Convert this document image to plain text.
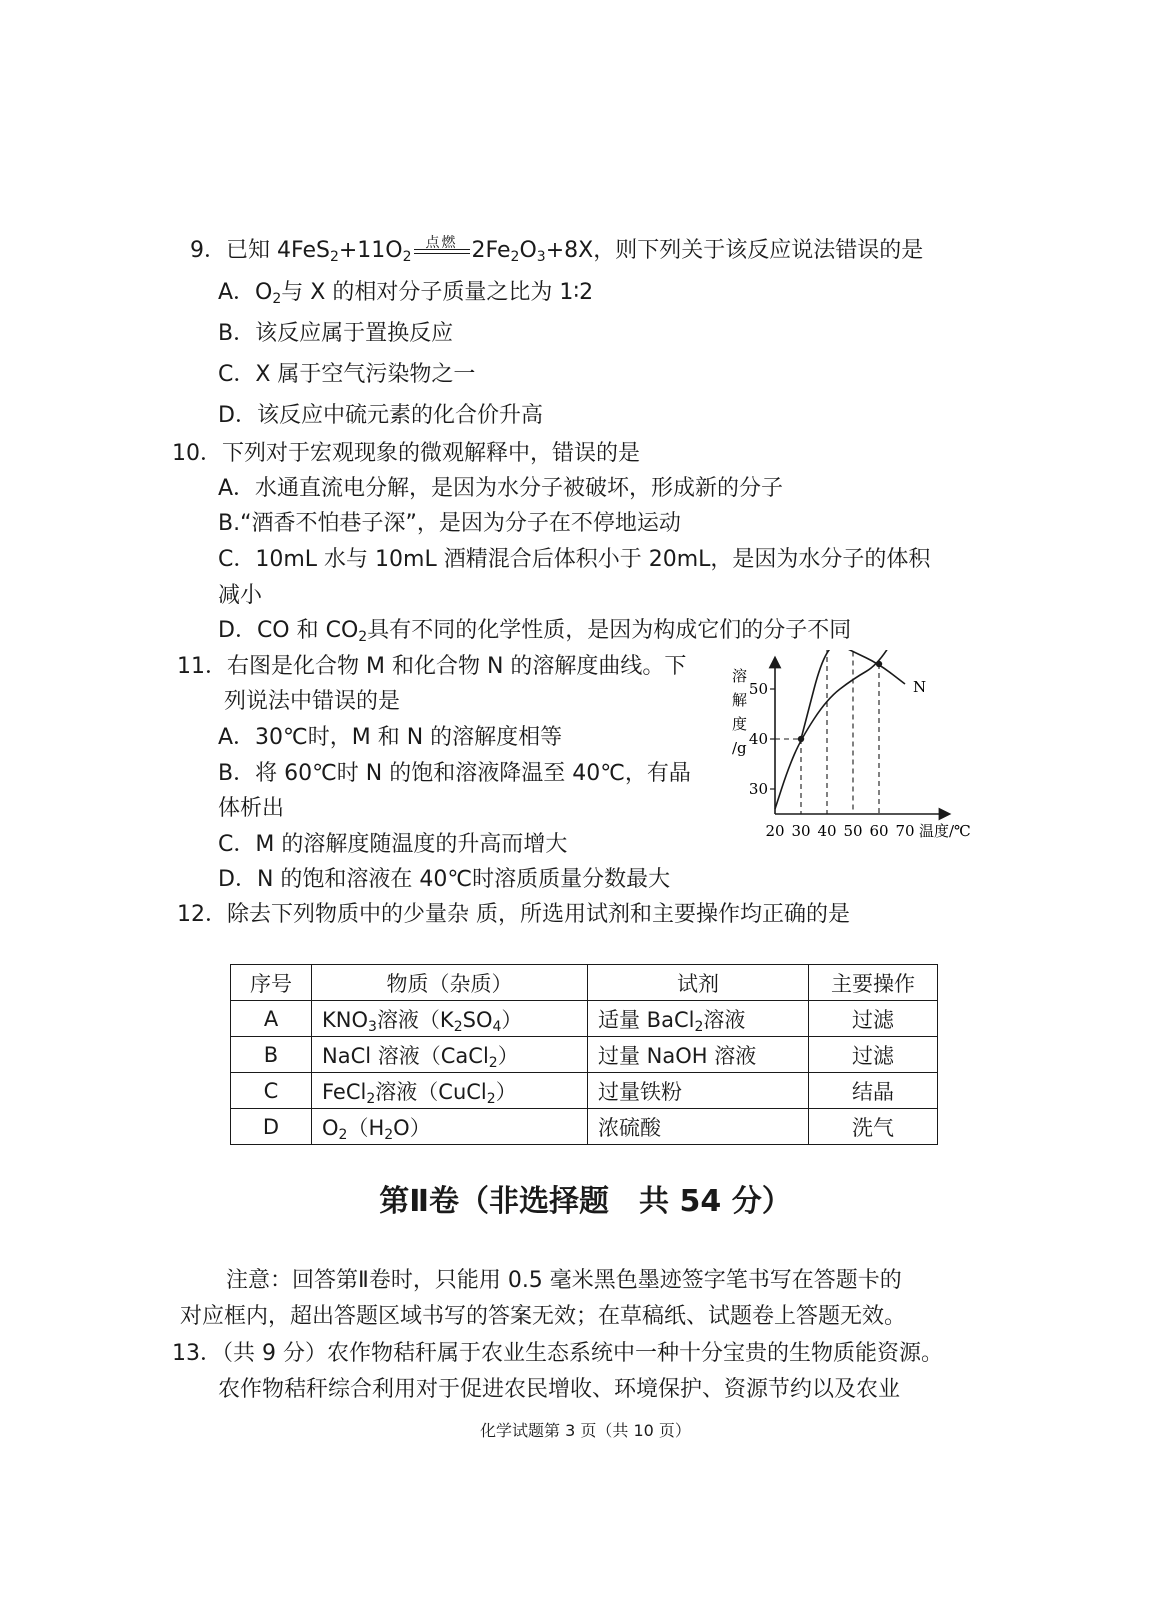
9．已知 $4FeS_2+11O_2$
点燃 $2Fe_2O_3+8X$，则下列关于该反应说法错误的是
A．$O_2$与 X 的相对分子质量之比为 1∶2
B．该反应属于置换反应
C．X 属于空气污染物之一
D．该反应中硫元素的化合价升高
10．下列对于宏观现象的微观解释中，错误的是
A．水通直流电分解，是因为水分子被破坏，形成新的分子
B.“酒香不怕巷子深”，是因为分子在不停地运动
C．10mL 水与 10mL 酒精混合后体积小于 20mL，是因为水分子的体积
减小
D．CO 和 $CO_2$具有不同的化学性质，是因为构成它们的分子不同
11．右图是化合物 M 和化合物 N 的溶解度曲线。下
列说法中错误的是
A．30℃时，M 和 N 的溶解度相等
B．将 60℃时 N 的饱和溶液降温至 40℃，有晶
体析出
C．M 的溶解度随温度的升高而增大
D．N 的饱和溶液在 40℃时溶质质量分数最大
溶
解
度
/g
30
40
50
20 30 40 50 60 70 温度/℃
N
12．除去下列物质中的少量杂 质，所选用试剂和主要操作均正确的是
序号	物质（杂质）	试剂	主要操作
A	$KNO_3$溶液$(K_2SO_4)$	适量 BaCl$_2$溶液	过滤
B	NaCl 溶液（CaCl$_2$）	过量 NaOH 溶液	过滤
C	FeCl$_2$溶液（CuCl$_2$）	过量铁粉	结晶
D	$O_2(H_2O)$	浓硫酸	洗气
第Ⅱ卷（非选择题　共 54 分）
注意：回答第Ⅱ卷时，只能用 0.5 毫米黑色墨迹签字笔书写在答题卡的
对应框内，超出答题区域书写的答案无效；在草稿纸、试题卷上答题无效。
13．（共 9 分）农作物秸秆属于农业生态系统中一种十分宝贵的生物质能资源。
农作物秸秆综合利用对于促进农民增收、环境保护、资源节约以及农业
化学试题第 3 页（共 10 页）
